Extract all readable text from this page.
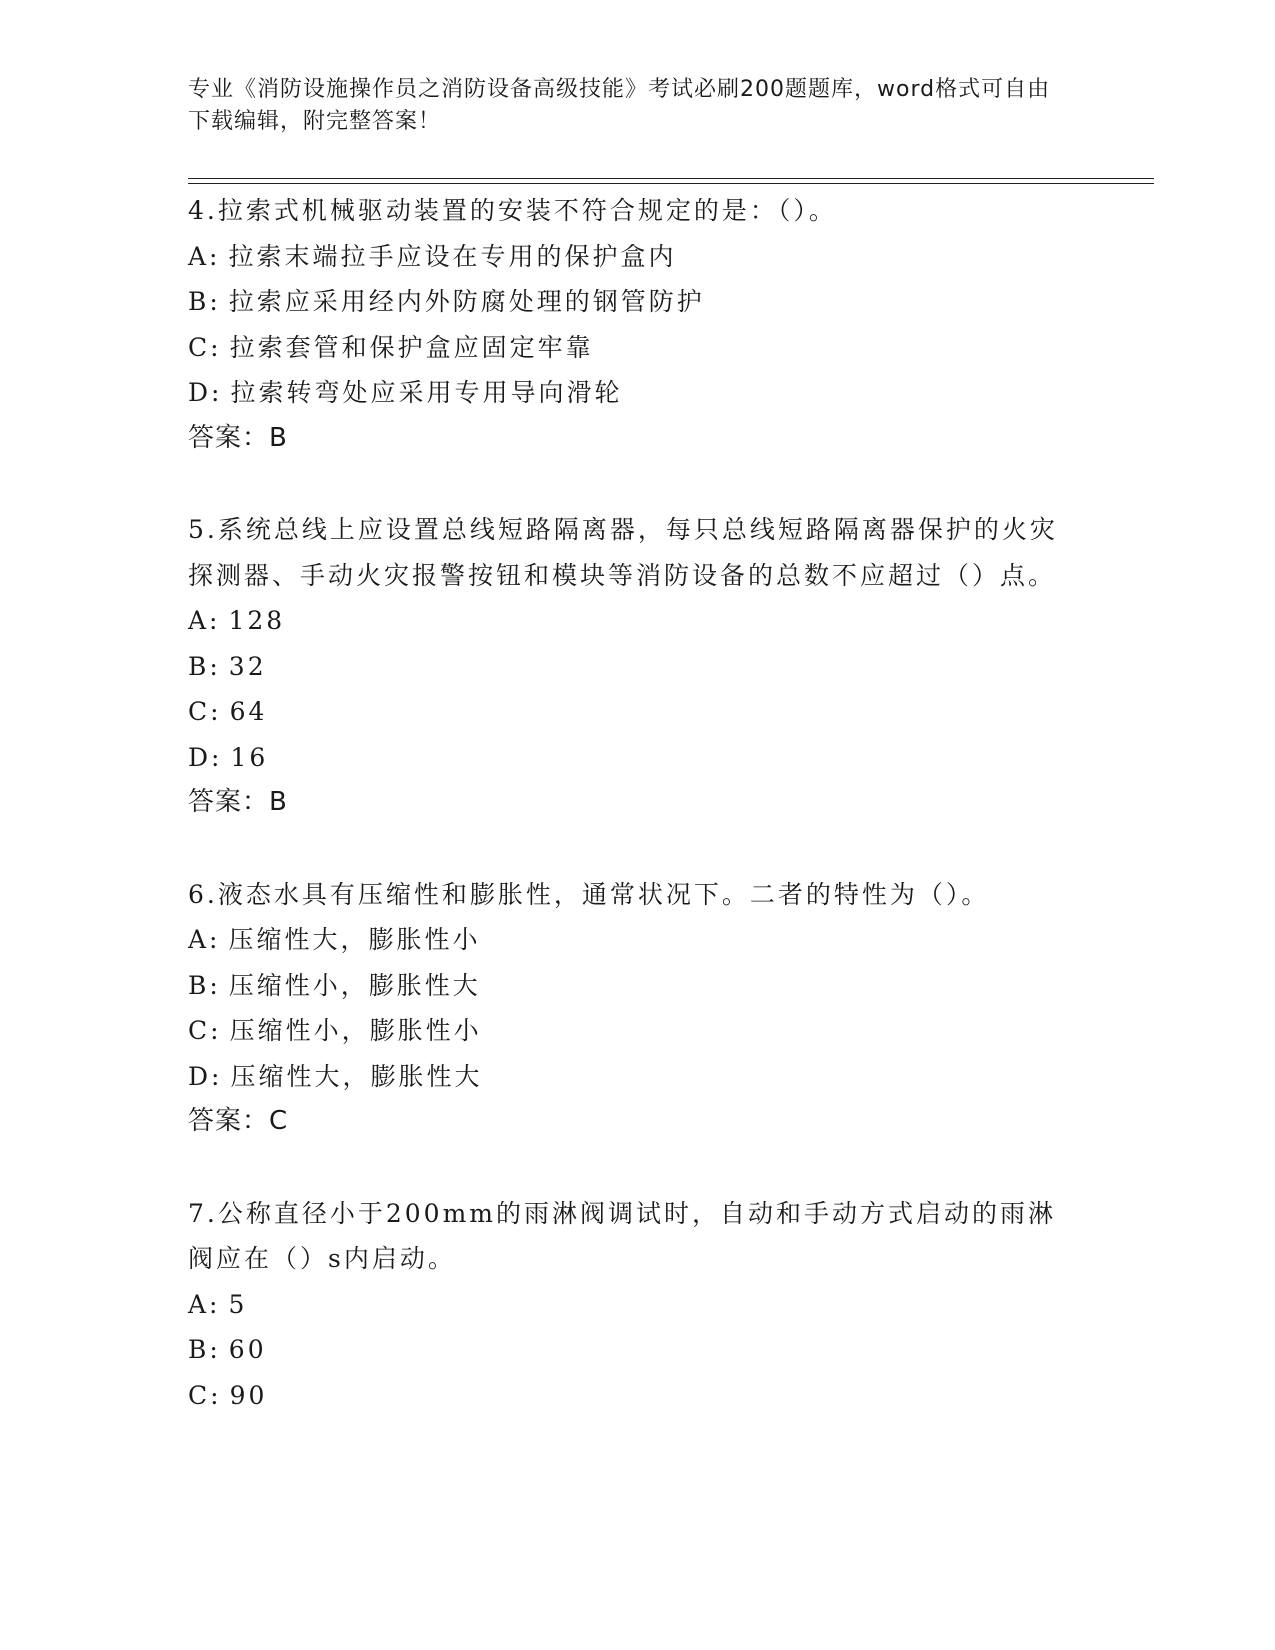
专业《消防设施操作员之消防设备高级技能》考试必刷200题题库，word格式可自由下载编辑，附完整答案！

4.拉索式机械驱动装置的安装不符合规定的是：（）。

A: 拉索末端拉手应设在专用的保护盒内

B: 拉索应采用经内外防腐处理的钢管防护

C: 拉索套管和保护盒应固定牢靠

D: 拉索转弯处应采用专用导向滑轮

答案：B

5.系统总线上应设置总线短路隔离器，每只总线短路隔离器保护的火灾探测器、手动火灾报警按钮和模块等消防设备的总数不应超过（）点。

A: 128

B: 32

C: 64

D: 16

答案：B

6.液态水具有压缩性和膨胀性，通常状况下。二者的特性为（）。

A: 压缩性大，膨胀性小

B: 压缩性小，膨胀性大

C: 压缩性小，膨胀性小

D: 压缩性大，膨胀性大

答案：C

7.公称直径小于200mm的雨淋阀调试时，自动和手动方式启动的雨淋阀应在（）s内启动。

A: 5

B: 60

C: 90
